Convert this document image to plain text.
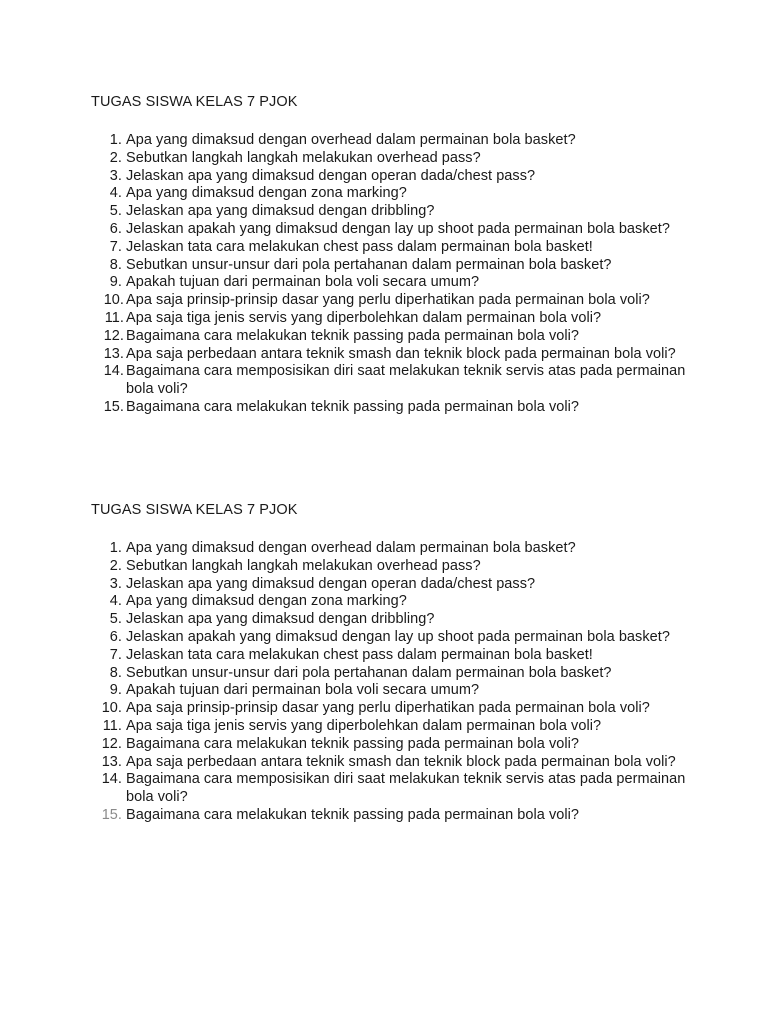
TUGAS SISWA KELAS 7 PJOK
1. Apa yang dimaksud dengan overhead dalam permainan bola basket?
2. Sebutkan langkah langkah melakukan overhead pass?
3. Jelaskan apa yang dimaksud dengan operan dada/chest pass?
4. Apa yang dimaksud dengan zona marking?
5. Jelaskan apa yang dimaksud dengan dribbling?
6. Jelaskan apakah yang dimaksud dengan lay up shoot pada permainan bola basket?
7. Jelaskan tata cara melakukan chest pass dalam permainan bola basket!
8. Sebutkan unsur-unsur dari pola pertahanan dalam permainan bola basket?
9. Apakah tujuan dari permainan bola voli secara umum?
10. Apa saja prinsip-prinsip dasar yang perlu diperhatikan pada permainan bola voli?
11. Apa saja tiga jenis servis yang diperbolehkan dalam permainan bola voli?
12. Bagaimana cara melakukan teknik passing pada permainan bola voli?
13. Apa saja perbedaan antara teknik smash dan teknik block pada permainan bola voli?
14. Bagaimana cara memposisikan diri saat melakukan teknik servis atas pada permainan bola voli?
15. Bagaimana cara melakukan teknik passing pada permainan bola voli?
TUGAS SISWA KELAS 7 PJOK
1. Apa yang dimaksud dengan overhead dalam permainan bola basket?
2. Sebutkan langkah langkah melakukan overhead pass?
3. Jelaskan apa yang dimaksud dengan operan dada/chest pass?
4. Apa yang dimaksud dengan zona marking?
5. Jelaskan apa yang dimaksud dengan dribbling?
6. Jelaskan apakah yang dimaksud dengan lay up shoot pada permainan bola basket?
7. Jelaskan tata cara melakukan chest pass dalam permainan bola basket!
8. Sebutkan unsur-unsur dari pola pertahanan dalam permainan bola basket?
9. Apakah tujuan dari permainan bola voli secara umum?
10. Apa saja prinsip-prinsip dasar yang perlu diperhatikan pada permainan bola voli?
11. Apa saja tiga jenis servis yang diperbolehkan dalam permainan bola voli?
12. Bagaimana cara melakukan teknik passing pada permainan bola voli?
13. Apa saja perbedaan antara teknik smash dan teknik block pada permainan bola voli?
14. Bagaimana cara memposisikan diri saat melakukan teknik servis atas pada permainan bola voli?
15. Bagaimana cara melakukan teknik passing pada permainan bola voli?
